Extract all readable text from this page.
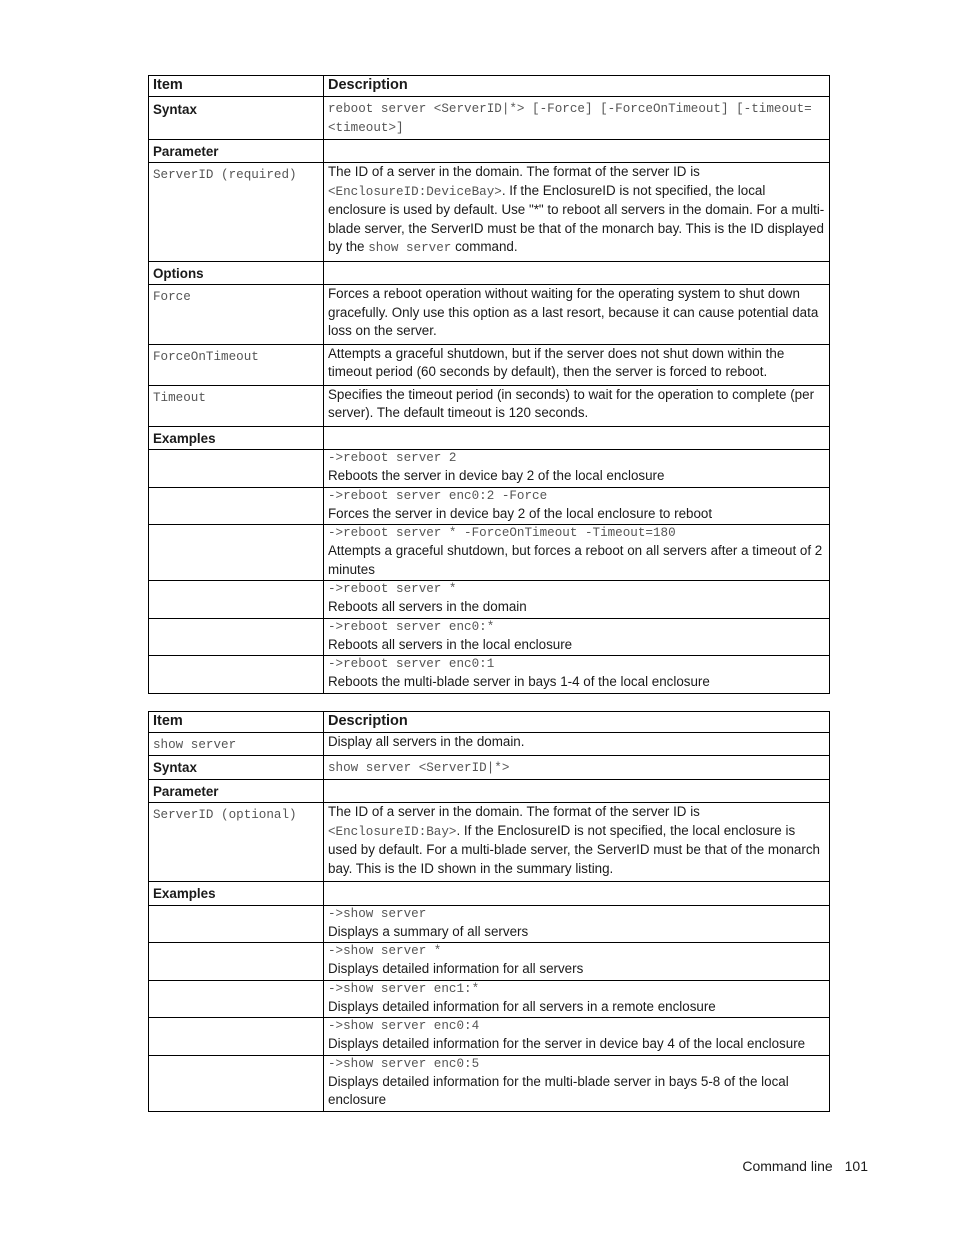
Item	Description
Syntax	reboot server <ServerID|*> [-Force] [-ForceOnTimeout] [-timeout=<timeout>]
Parameter	
ServerID (required)	The ID of a server in the domain. The format of the server ID is <EnclosureID:DeviceBay>. If the EnclosureID is not specified, the local enclosure is used by default. Use "*" to reboot all servers in the domain. For a multi-blade server, the ServerID must be that of the monarch bay. This is the ID displayed by the show server command.
Options	
Force	Forces a reboot operation without waiting for the operating system to shut down gracefully. Only use this option as a last resort, because it can cause potential data loss on the server.
ForceOnTimeout	Attempts a graceful shutdown, but if the server does not shut down within the timeout period (60 seconds by default), then the server is forced to reboot.
Timeout	Specifies the timeout period (in seconds) to wait for the operation to complete (per server). The default timeout is 120 seconds.
Examples	

	->reboot server 2
Reboots the server in device bay 2 of the local enclosure

	->reboot server enc0:2 -Force
Forces the server in device bay 2 of the local enclosure to reboot

	->reboot server * -ForceOnTimeout -Timeout=180
Attempts a graceful shutdown, but forces a reboot on all servers after a timeout of 2 minutes

	->reboot server *
Reboots all servers in the domain

	->reboot server enc0:*
Reboots all servers in the local enclosure

	->reboot server enc0:1
Reboots the multi-blade server in bays 1-4 of the local enclosure
Item	Description
show server	Display all servers in the domain.
Syntax	show server <ServerID|*>
Parameter	
ServerID (optional)	The ID of a server in the domain. The format of the server ID is <EnclosureID:Bay>. If the EnclosureID is not specified, the local enclosure is used by default. For a multi-blade server, the ServerID must be that of the monarch bay. This is the ID shown in the summary listing.
Examples	

	->show server
Displays a summary of all servers

	->show server *
Displays detailed information for all servers

	->show server enc1:*
Displays detailed information for all servers in a remote enclosure

	->show server enc0:4
Displays detailed information for the server in device bay 4 of the local enclosure

	->show server enc0:5
Displays detailed information for the multi-blade server in bays 5-8 of the local enclosure
Command line 101
